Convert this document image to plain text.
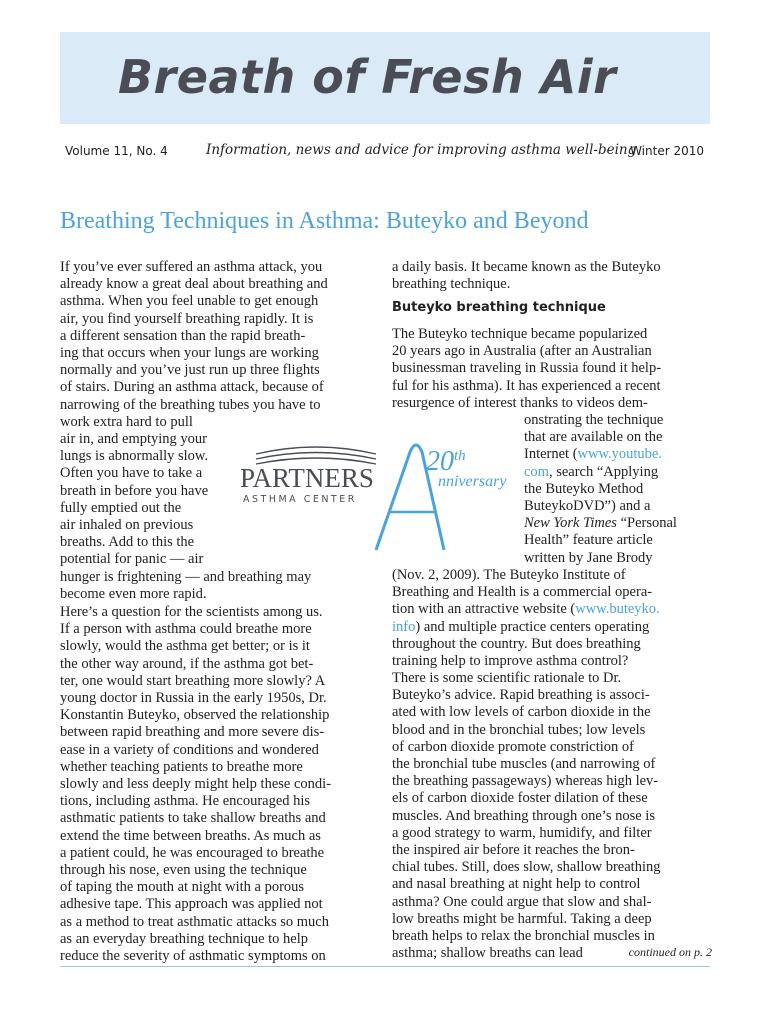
Breath of Fresh Air
Volume 11, No. 4	Information, news and advice for improving asthma well-being
Winter 2010
Breathing Techniques in Asthma: Buteyko and Beyond
If you’ve ever suffered an asthma attack, you
already know a great deal about breathing and
asthma. When you feel unable to get enough
air, you find yourself breathing rapidly. It is
a different sensation than the rapid breath-
ing that occurs when your lungs are working
normally and you’ve just run up three flights
of stairs. During an asthma attack, because of
narrowing of the breathing tubes you have to
work extra hard to pull
air in, and emptying your
lungs is abnormally slow.
Often you have to take a
breath in before you have
fully emptied out the
air inhaled on previous
breaths. Add to this the
potential for panic — air
hunger is frightening — and breathing may
become even more rapid.
Here’s a question for the scientists among us.
If a person with asthma could breathe more
slowly, would the asthma get better; or is it
the other way around, if the asthma got bet-
ter, one would start breathing more slowly? A
young doctor in Russia in the early 1950s, Dr.
Konstantin Buteyko, observed the relationship
between rapid breathing and more severe dis-
ease in a variety of conditions and wondered
whether teaching patients to breathe more
slowly and less deeply might help these condi-
tions, including asthma. He encouraged his
asthmatic patients to take shallow breaths and
extend the time between breaths. As much as
a patient could, he was encouraged to breathe
through his nose, even using the technique
of taping the mouth at night with a porous
adhesive tape. This approach was applied not
as a method to treat asthmatic attacks so much
as an everyday breathing technique to help
reduce the severity of asthmatic symptoms on
a daily basis. It became known as the Buteyko
breathing technique.
Buteyko breathing technique
The Buteyko technique became popularized
20 years ago in Australia (after an Australian
businessman traveling in Russia found it help-
ful for his asthma). It has experienced a recent
resurgence of interest thanks to videos dem-
onstrating the technique
that are available on the
Internet (www.youtube.
com, search “Applying
the Buteyko Method
ButeykoDVD”) and a
New York Times “Personal
Health” feature article
written by Jane Brody
(Nov. 2, 2009). The Buteyko Institute of
Breathing and Health is a commercial opera-
tion with an attractive website (www.buteyko.
info) and multiple practice centers operating
throughout the country. But does breathing
training help to improve asthma control?
There is some scientific rationale to Dr.
Buteyko’s advice. Rapid breathing is associ-
ated with low levels of carbon dioxide in the
blood and in the bronchial tubes; low levels
of carbon dioxide promote constriction of
the bronchial tube muscles (and narrowing of
the breathing passageways) whereas high lev-
els of carbon dioxide foster dilation of these
muscles. And breathing through one’s nose is
a good strategy to warm, humidify, and filter
the inspired air before it reaches the bron-
chial tubes. Still, does slow, shallow breathing
and nasal breathing at night help to control
asthma? One could argue that slow and shal-
low breaths might be harmful. Taking a deep
breath helps to relax the bronchial muscles in
asthma; shallow breaths can lead
PARTNERS
ASTHMA CENTER
20th
nniversary
continued on p. 2
